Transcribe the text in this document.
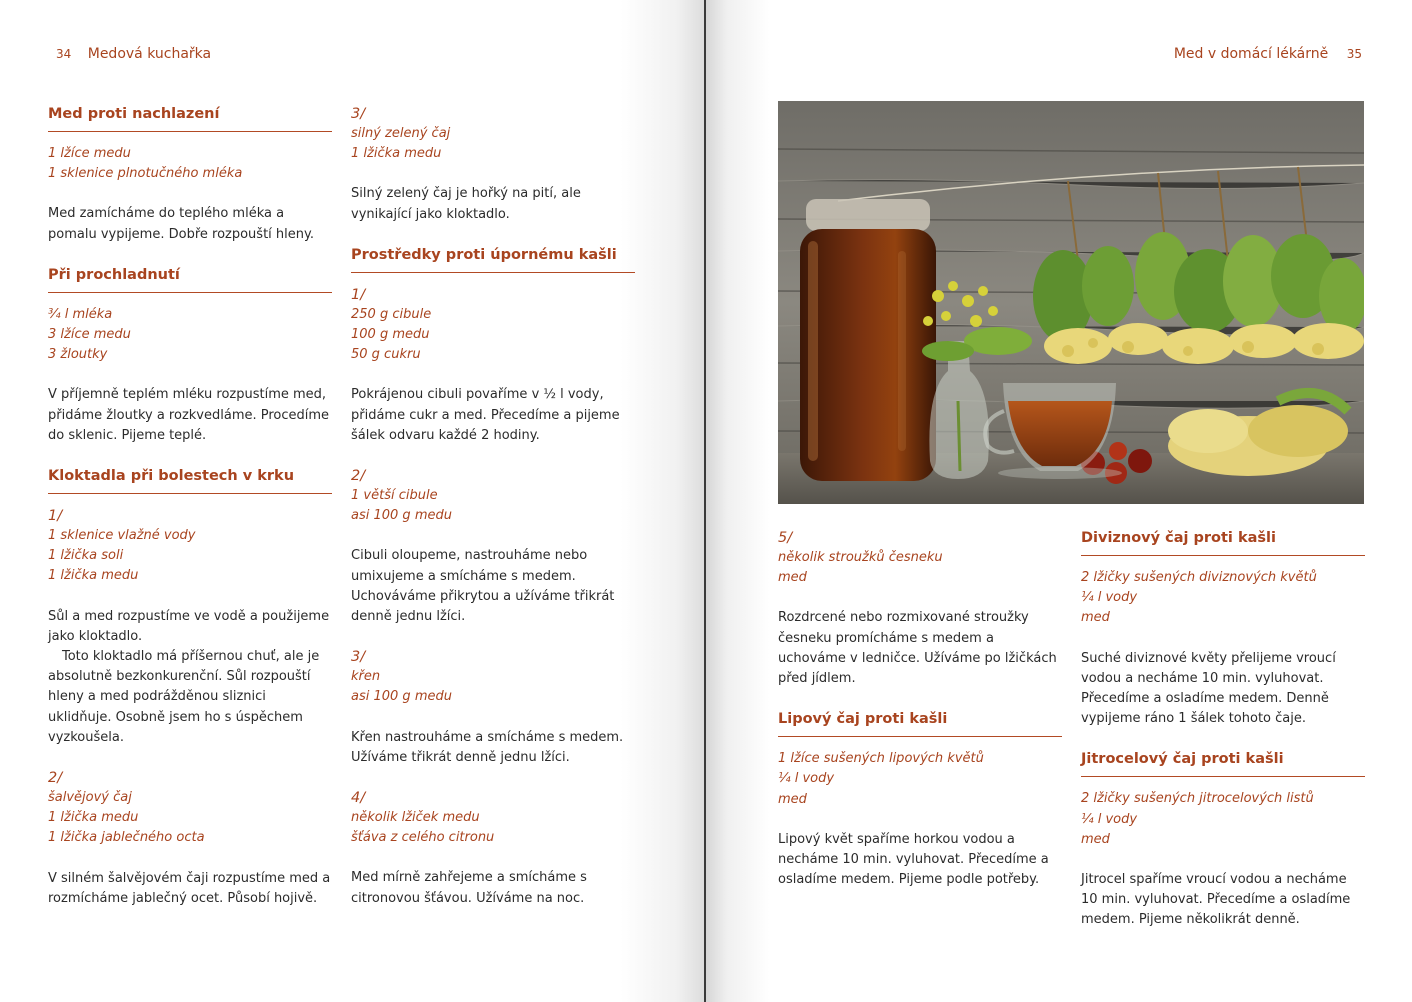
34 Medová kuchařka
Med proti nachlazení
1 lžíce medu
1 sklenice plnotučného mléka

Med zamícháme do teplého mléka a pomalu vypijeme. Dobře rozpouští hleny.

Při prochladnutí
¾ l mléka
3 lžíce medu
3 žloutky

V příjemně teplém mléku rozpustíme med, přidáme žloutky a rozkvedláme. Procedíme do sklenic. Pijeme teplé.

Kloktadla při bolestech v krku
1/
1 sklenice vlažné vody
1 lžička soli
1 lžička medu

Sůl a med rozpustíme ve vodě a použijeme jako kloktadlo.
Toto kloktadlo má příšernou chuť, ale je absolutně bezkonkurenční. Sůl rozpouští hleny a med podrážděnou sliznici uklidňuje. Osobně jsem ho s úspěchem vyzkoušela.

2/
šalvějový čaj
1 lžička medu
1 lžička jablečného octa

V silném šalvějovém čaji rozpustíme med a rozmícháme jablečný ocet. Působí hojivě.

3/
silný zelený čaj
1 lžička medu

Silný zelený čaj je hořký na pití, ale vynikající jako kloktadlo.

Prostředky proti úpornému kašli
1/
250 g cibule
100 g medu
50 g cukru

Pokrájenou cibuli povaříme v ½ l vody, přidáme cukr a med. Přecedíme a pijeme šálek odvaru každé 2 hodiny.

2/
1 větší cibule
asi 100 g medu

Cibuli oloupeme, nastrouháme nebo umixujeme a smícháme s medem. Uchováváme přikrytou a užíváme třikrát denně jednu lžíci.

3/
křen
asi 100 g medu

Křen nastrouháme a smícháme s medem. Užíváme třikrát denně jednu lžíci.

4/
několik lžiček medu
šťáva z celého citronu

Med mírně zahřejeme a smícháme s citronovou šťávou. Užíváme na noc.

Med v domácí lékárně 35
5/
několik stroužků česneku
med

Rozdrcené nebo rozmixované stroužky česneku promícháme s medem a uchováme v ledničce. Užíváme po lžičkách před jídlem.

Lipový čaj proti kašli
1 lžíce sušených lipových květů
¼ l vody
med

Lipový květ spaříme horkou vodou a necháme 10 min. vyluhovat. Přecedíme a osladíme medem. Pijeme podle potřeby.

Diviznový čaj proti kašli
2 lžičky sušených diviznových květů
¼ l vody
med

Suché diviznové květy přelijeme vroucí vodou a necháme 10 min. vyluhovat. Přecedíme a osladíme medem. Denně vypijeme ráno 1 šálek tohoto čaje.

Jitrocelový čaj proti kašli
2 lžičky sušených jitrocelových listů
¼ l vody
med

Jitrocel spaříme vroucí vodou a necháme 10 min. vyluhovat. Přecedíme a osladíme medem. Pijeme několikrát denně.
